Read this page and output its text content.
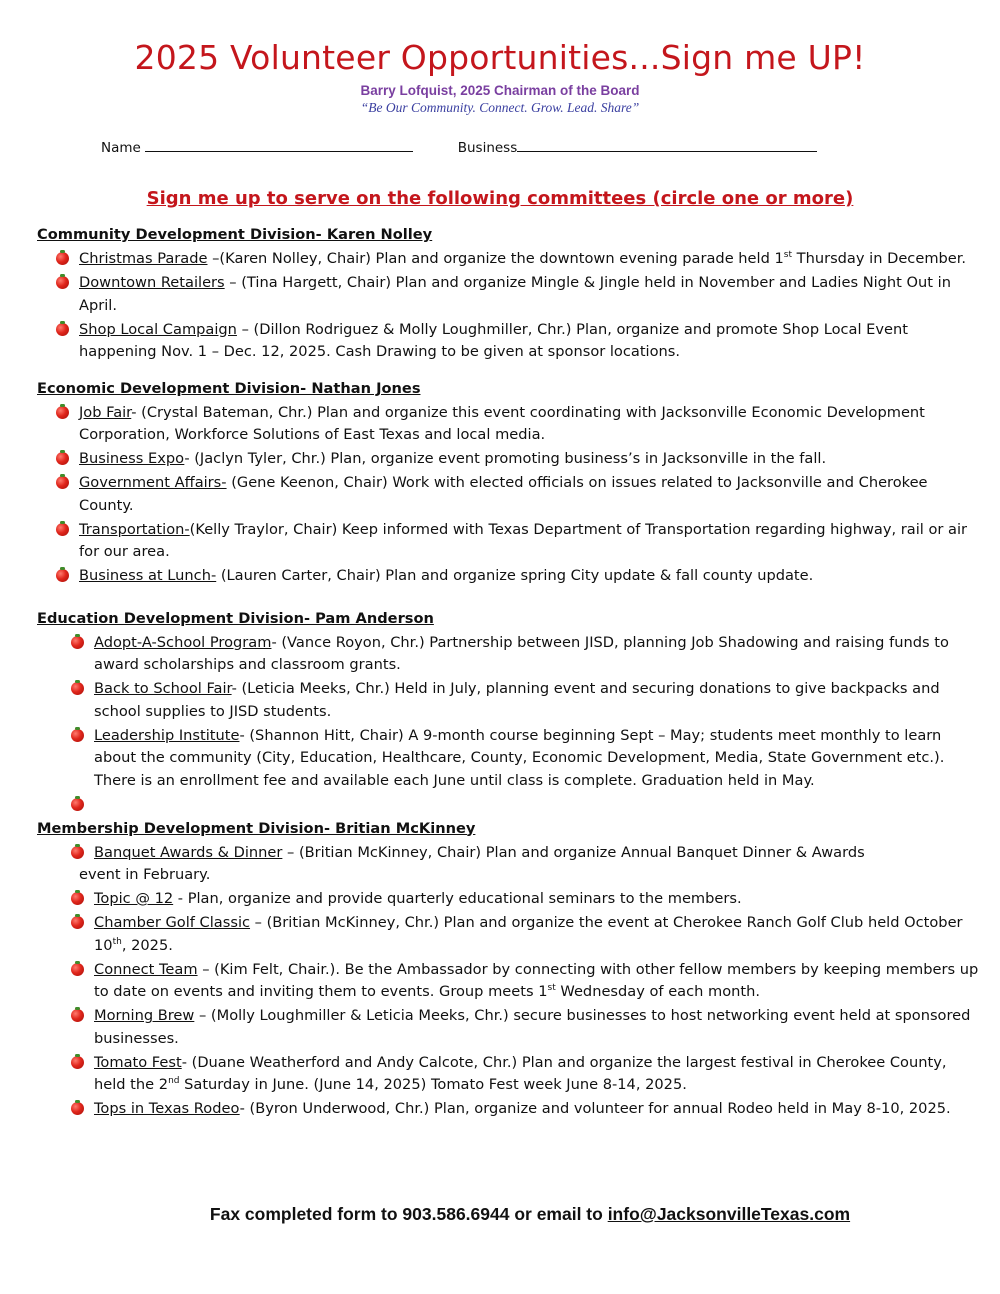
2025 Volunteer Opportunities...Sign me UP!
Barry Lofquist, 2025 Chairman of the Board
“Be Our Community. Connect. Grow. Lead. Share”
Name	Business
Sign me up to serve on the following committees (circle one or more)
Community Development Division- Karen Nolley
Christmas Parade –(Karen Nolley, Chair) Plan and organize the downtown evening parade held 1st Thursday in December.
Downtown Retailers – (Tina Hargett, Chair) Plan and organize Mingle & Jingle held in November and Ladies Night Out in April.
Shop Local Campaign – (Dillon Rodriguez & Molly Loughmiller, Chr.) Plan, organize and promote Shop Local Event happening Nov. 1 – Dec. 12, 2025. Cash Drawing to be given at sponsor locations.
Economic Development Division- Nathan Jones
Job Fair- (Crystal Bateman, Chr.) Plan and organize this event coordinating with Jacksonville Economic Development Corporation, Workforce Solutions of East Texas and local media.
Business Expo- (Jaclyn Tyler, Chr.) Plan, organize event promoting business’s in Jacksonville in the fall.
Government Affairs- (Gene Keenon, Chair) Work with elected officials on issues related to Jacksonville and Cherokee County.
Transportation-(Kelly Traylor, Chair) Keep informed with Texas Department of Transportation regarding highway, rail or air for our area.
Business at Lunch- (Lauren Carter, Chair) Plan and organize spring City update & fall county update.
Education Development Division- Pam Anderson
Adopt-A-School Program- (Vance Royon, Chr.) Partnership between JISD, planning Job Shadowing and raising funds to award scholarships and classroom grants.
Back to School Fair- (Leticia Meeks, Chr.) Held in July, planning event and securing donations to give backpacks and school supplies to JISD students.
Leadership Institute- (Shannon Hitt, Chair) A 9-month course beginning Sept – May; students meet monthly to learn about the community (City, Education, Healthcare, County, Economic Development, Media, State Government etc.). There is an enrollment fee and available each June until class is complete. Graduation held in May.
Membership Development Division- Britian McKinney
Banquet Awards & Dinner – (Britian McKinney, Chair) Plan and organize Annual Banquet Dinner & Awards
event in February.
Topic @ 12 - Plan, organize and provide quarterly educational seminars to the members.
Chamber Golf Classic – (Britian McKinney, Chr.) Plan and organize the event at Cherokee Ranch Golf Club held October 10th, 2025.
Connect Team – (Kim Felt, Chair.). Be the Ambassador by connecting with other fellow members by keeping members up to date on events and inviting them to events. Group meets 1st Wednesday of each month.
Morning Brew – (Molly Loughmiller & Leticia Meeks, Chr.) secure businesses to host networking event held at sponsored businesses.
Tomato Fest- (Duane Weatherford and Andy Calcote, Chr.) Plan and organize the largest festival in Cherokee County, held the 2nd Saturday in June. (June 14, 2025) Tomato Fest week June 8-14, 2025.
Tops in Texas Rodeo- (Byron Underwood, Chr.) Plan, organize and volunteer for annual Rodeo held in May 8-10, 2025.
Fax completed form to 903.586.6944 or email to info@JacksonvilleTexas.com
